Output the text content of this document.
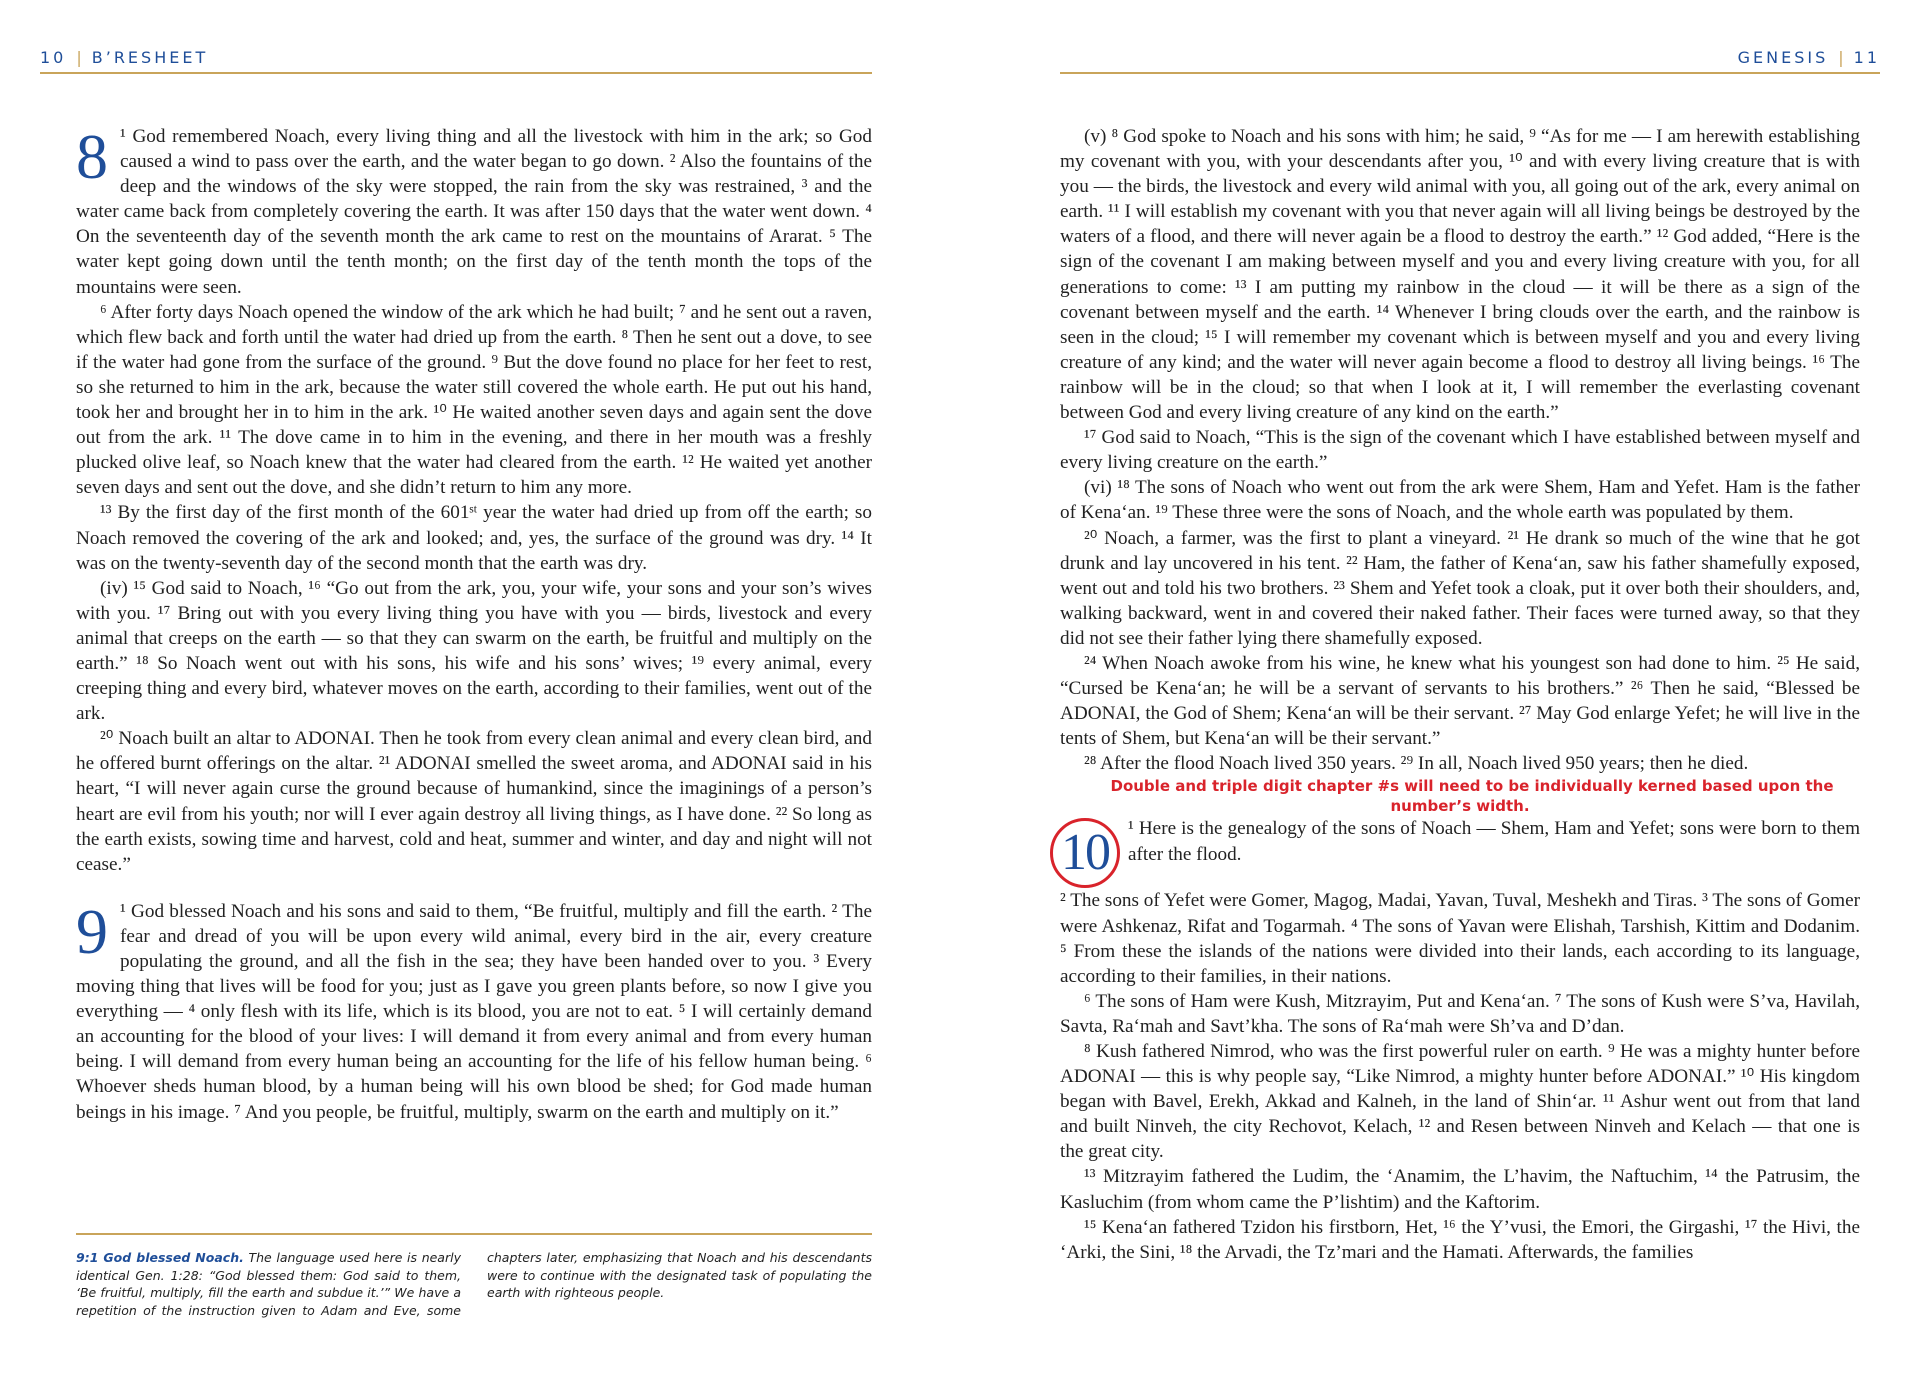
10 | B’RESHEET

8 ¹ God remembered Noach, every living thing and all the livestock with him in the ark; so God caused a wind to pass over the earth, and the water began to go down. ² Also the fountains of the deep and the windows of the sky were stopped, the rain from the sky was restrained, ³ and the water came back from completely covering the earth. It was after 150 days that the water went down. ⁴ On the seventeenth day of the seventh month the ark came to rest on the mountains of Ararat. ⁵ The water kept going down until the tenth month; on the first day of the tenth month the tops of the mountains were seen.

⁶ After forty days Noach opened the window of the ark which he had built; ⁷ and he sent out a raven, which flew back and forth until the water had dried up from the earth. ⁸ Then he sent out a dove, to see if the water had gone from the surface of the ground. ⁹ But the dove found no place for her feet to rest, so she returned to him in the ark, because the water still covered the whole earth. He put out his hand, took her and brought her in to him in the ark. ¹⁰ He waited another seven days and again sent the dove out from the ark. ¹¹ The dove came in to him in the evening, and there in her mouth was a freshly plucked olive leaf, so Noach knew that the water had cleared from the earth. ¹² He waited yet another seven days and sent out the dove, and she didn’t return to him any more.

¹³ By the first day of the first month of the 601ˢᵗ year the water had dried up from off the earth; so Noach removed the covering of the ark and looked; and, yes, the surface of the ground was dry. ¹⁴ It was on the twenty-seventh day of the second month that the earth was dry.

(iv) ¹⁵ God said to Noach, ¹⁶ “Go out from the ark, you, your wife, your sons and your son’s wives with you. ¹⁷ Bring out with you every living thing you have with you — birds, livestock and every animal that creeps on the earth — so that they can swarm on the earth, be fruitful and multiply on the earth.” ¹⁸ So Noach went out with his sons, his wife and his sons’ wives; ¹⁹ every animal, every creeping thing and every bird, whatever moves on the earth, according to their families, went out of the ark.

²⁰ Noach built an altar to ADONAI. Then he took from every clean animal and every clean bird, and he offered burnt offerings on the altar. ²¹ ADONAI smelled the sweet aroma, and ADONAI said in his heart, “I will never again curse the ground because of humankind, since the imaginings of a person’s heart are evil from his youth; nor will I ever again destroy all living things, as I have done. ²² So long as the earth exists, sowing time and harvest, cold and heat, summer and winter, and day and night will not cease.”

9 ¹ God blessed Noach and his sons and said to them, “Be fruitful, multiply and fill the earth. ² The fear and dread of you will be upon every wild animal, every bird in the air, every creature populating the ground, and all the fish in the sea; they have been handed over to you. ³ Every moving thing that lives will be food for you; just as I gave you green plants before, so now I give you everything — ⁴ only flesh with its life, which is its blood, you are not to eat. ⁵ I will certainly demand an accounting for the blood of your lives: I will demand it from every animal and from every human being. I will demand from every human being an accounting for the life of his fellow human being. ⁶ Whoever sheds human blood, by a human being will his own blood be shed; for God made human beings in his image. ⁷ And you people, be fruitful, multiply, swarm on the earth and multiply on it.”

9:1 God blessed Noach. The language used here is nearly identical Gen. 1:28: “God blessed them: God said to them, ‘Be fruitful, multiply, fill the earth and subdue it.’” We have a repetition of the instruction given to Adam and Eve, some chapters later, emphasizing that Noach and his descendants were to continue with the designated task of populating the earth with righteous people.
GENESIS | 11

(v) ⁸ God spoke to Noach and his sons with him; he said, ⁹ “As for me — I am herewith establishing my covenant with you, with your descendants after you, ¹⁰ and with every living creature that is with you — the birds, the livestock and every wild animal with you, all going out of the ark, every animal on earth. ¹¹ I will establish my covenant with you that never again will all living beings be destroyed by the waters of a flood, and there will never again be a flood to destroy the earth.” ¹² God added, “Here is the sign of the covenant I am making between myself and you and every living creature with you, for all generations to come: ¹³ I am putting my rainbow in the cloud — it will be there as a sign of the covenant between myself and the earth. ¹⁴ Whenever I bring clouds over the earth, and the rainbow is seen in the cloud; ¹⁵ I will remember my covenant which is between myself and you and every living creature of any kind; and the water will never again become a flood to destroy all living beings. ¹⁶ The rainbow will be in the cloud; so that when I look at it, I will remember the everlasting covenant between God and every living creature of any kind on the earth.”

¹⁷ God said to Noach, “This is the sign of the covenant which I have established between myself and every living creature on the earth.”

(vi) ¹⁸ The sons of Noach who went out from the ark were Shem, Ham and Yefet. Ham is the father of Kena‘an. ¹⁹ These three were the sons of Noach, and the whole earth was populated by them.

²⁰ Noach, a farmer, was the first to plant a vineyard. ²¹ He drank so much of the wine that he got drunk and lay uncovered in his tent. ²² Ham, the father of Kena‘an, saw his father shamefully exposed, went out and told his two brothers. ²³ Shem and Yefet took a cloak, put it over both their shoulders, and, walking backward, went in and covered their naked father. Their faces were turned away, so that they did not see their father lying there shamefully exposed.

²⁴ When Noach awoke from his wine, he knew what his youngest son had done to him. ²⁵ He said, “Cursed be Kena‘an; he will be a servant of servants to his brothers.” ²⁶ Then he said, “Blessed be ADONAI, the God of Shem; Kena‘an will be their servant. ²⁷ May God enlarge Yefet; he will live in the tents of Shem, but Kena‘an will be their servant.”

²⁸ After the flood Noach lived 350 years. ²⁹ In all, Noach lived 950 years; then he died.

Double and triple digit chapter #s will need to be individually kerned based upon the number’s width.

10 ¹ Here is the genealogy of the sons of Noach — Shem, Ham and Yefet; sons were born to them after the flood.

² The sons of Yefet were Gomer, Magog, Madai, Yavan, Tuval, Meshekh and Tiras. ³ The sons of Gomer were Ashkenaz, Rifat and Togarmah. ⁴ The sons of Yavan were Elishah, Tarshish, Kittim and Dodanim. ⁵ From these the islands of the nations were divided into their lands, each according to its language, according to their families, in their nations.

⁶ The sons of Ham were Kush, Mitzrayim, Put and Kena‘an. ⁷ The sons of Kush were S’va, Havilah, Savta, Ra‘mah and Savt’kha. The sons of Ra‘mah were Sh’va and D’dan.

⁸ Kush fathered Nimrod, who was the first powerful ruler on earth. ⁹ He was a mighty hunter before ADONAI — this is why people say, “Like Nimrod, a mighty hunter before ADONAI.” ¹⁰ His kingdom began with Bavel, Erekh, Akkad and Kalneh, in the land of Shin‘ar. ¹¹ Ashur went out from that land and built Ninveh, the city Rechovot, Kelach, ¹² and Resen between Ninveh and Kelach — that one is the great city.

¹³ Mitzrayim fathered the Ludim, the ‘Anamim, the L’havim, the Naftuchim, ¹⁴ the Patrusim, the Kasluchim (from whom came the P’lishtim) and the Kaftorim.

¹⁵ Kena‘an fathered Tzidon his firstborn, Het, ¹⁶ the Y’vusi, the Emori, the Girgashi, ¹⁷ the Hivi, the ‘Arki, the Sini, ¹⁸ the Arvadi, the Tz’mari and the Hamati. Afterwards, the families
